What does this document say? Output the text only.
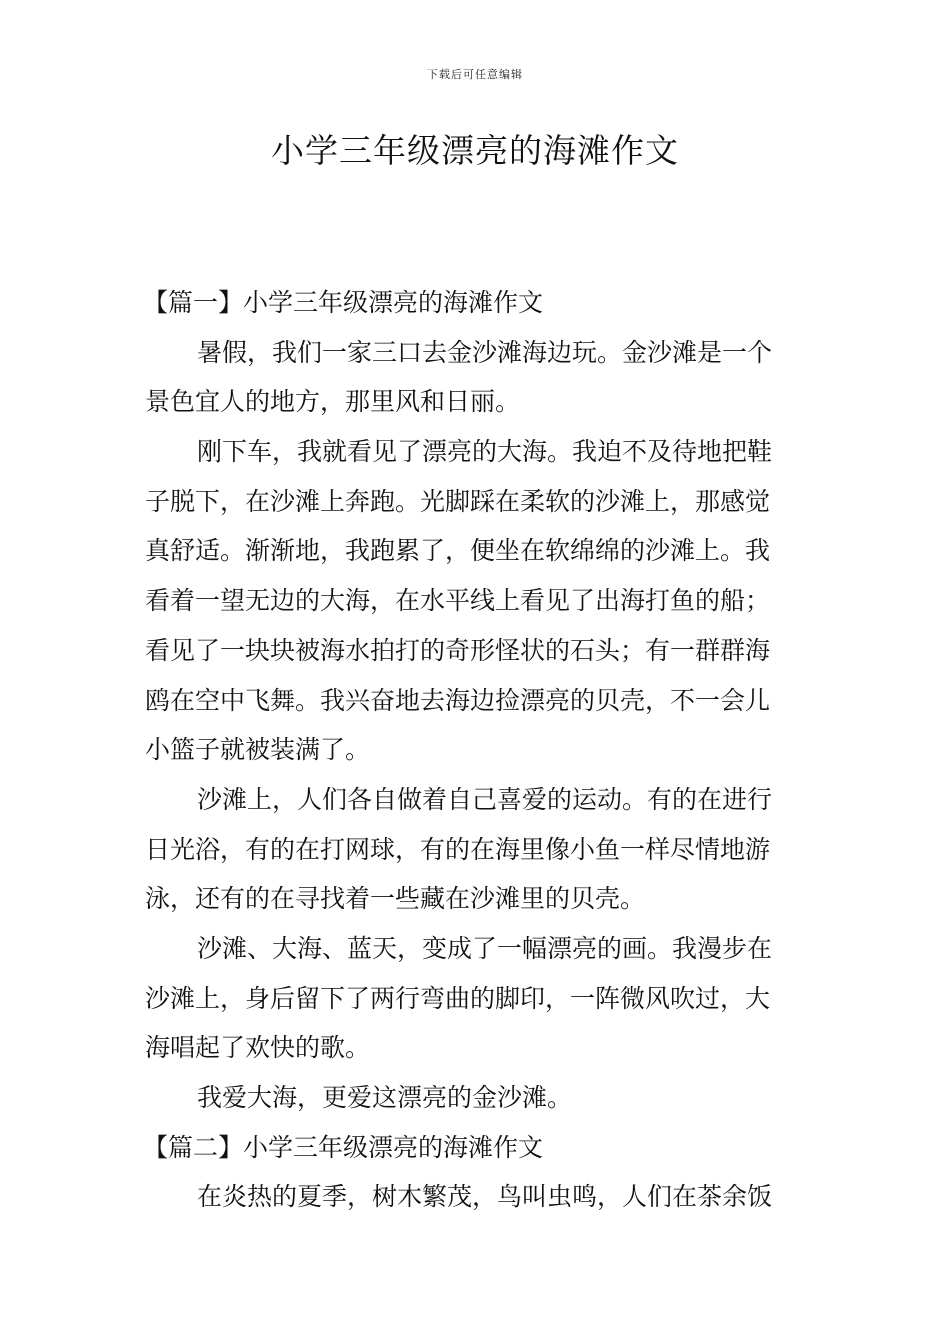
下载后可任意编辑
小学三年级漂亮的海滩作文
【篇一】小学三年级漂亮的海滩作文
暑假，我们一家三口去金沙滩海边玩。金沙滩是一个
景色宜人的地方，那里风和日丽。
刚下车，我就看见了漂亮的大海。我迫不及待地把鞋
子脱下，在沙滩上奔跑。光脚踩在柔软的沙滩上，那感觉
真舒适。渐渐地，我跑累了，便坐在软绵绵的沙滩上。我
看着一望无边的大海，在水平线上看见了出海打鱼的船；
看见了一块块被海水拍打的奇形怪状的石头；有一群群海
鸥在空中飞舞。我兴奋地去海边捡漂亮的贝壳，不一会儿
小篮子就被装满了。
沙滩上，人们各自做着自己喜爱的运动。有的在进行
日光浴，有的在打网球，有的在海里像小鱼一样尽情地游
泳，还有的在寻找着一些藏在沙滩里的贝壳。
沙滩、大海、蓝天，变成了一幅漂亮的画。我漫步在
沙滩上，身后留下了两行弯曲的脚印，一阵微风吹过，大
海唱起了欢快的歌。
我爱大海，更爱这漂亮的金沙滩。
【篇二】小学三年级漂亮的海滩作文
在炎热的夏季，树木繁茂，鸟叫虫鸣，人们在茶余饭
